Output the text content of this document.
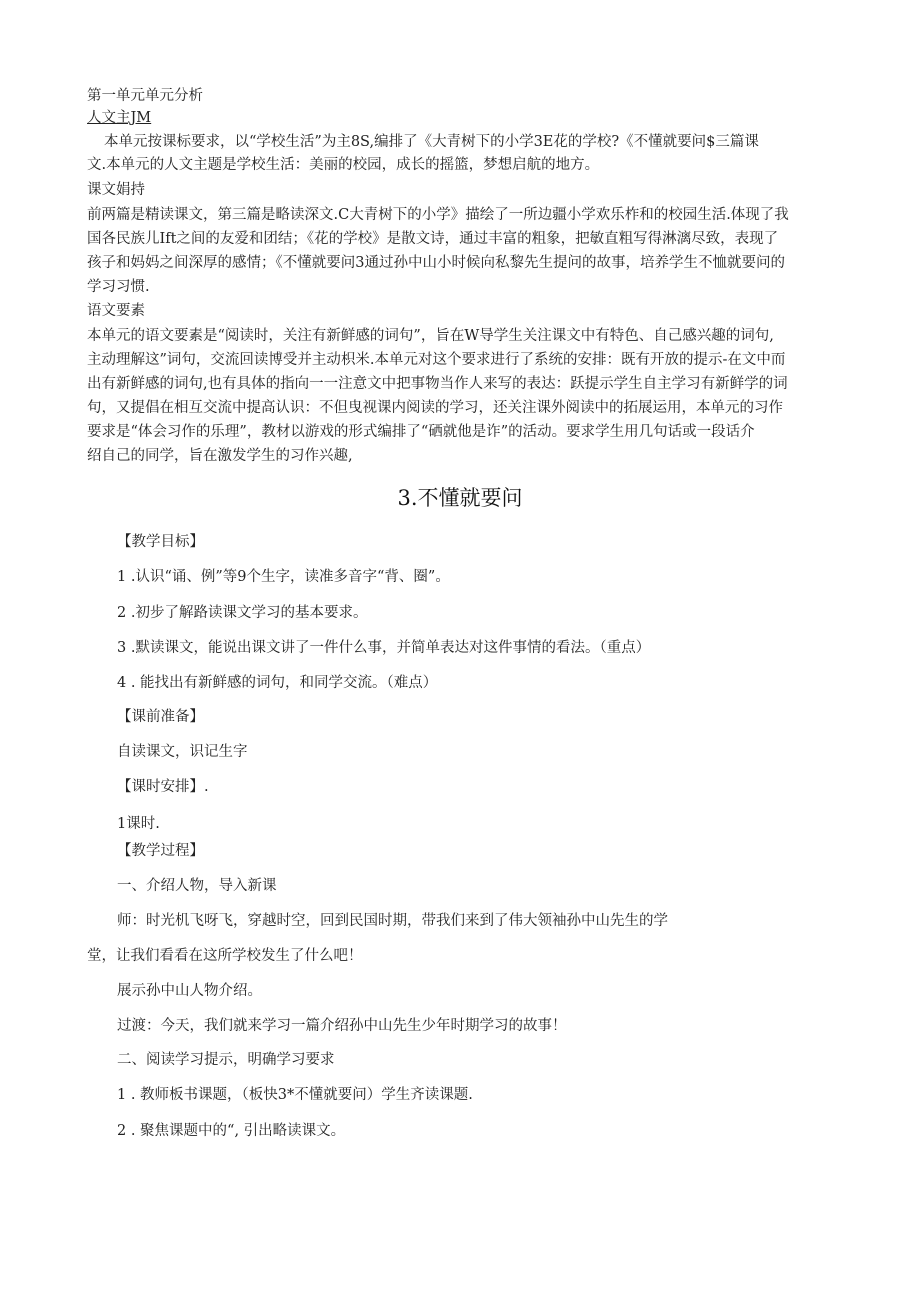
第一单元单元分析
人文主JM
本单元按课标要求，以“学校生活”为主8S,编排了《大青树下的小学3E花的学校?《不懂就要问$三篇课
文.本单元的人文主题是学校生活：美丽的校园，成长的摇篮，梦想启航的地方。
课文娟持
前两篇是精读课文，第三篇是略读深文.C大青树下的小学》描绘了一所边疆小学欢乐柞和的校园生活.体现了我
国各民族儿Ift之间的友爱和团结；《花的学校》是散文诗，通过丰富的粗象，把敏直粗写得淋漓尽致，表现了
孩子和妈妈之间深厚的感情；《不懂就要问3通过孙中山小时候向私黎先生提问的故事，培养学生不恤就要问的
学习习惯.
语文要素
本单元的语文要素是“阅读时，关注有新鲜感的词句”，旨在W导学生关注课文中有特色、自己感兴趣的词句,
主动理解这”词句，交流回读博受并主动枳米.本单元对这个要求进行了系统的安排：既有开放的提示-在文中而
出有新鲜感的词句,也有具体的指向一一注意文中把事物当作人来写的表达：跃提示学生自主学习有新鲜学的词
句，又提倡在相互交流中提高认识：不但曳视课内阅读的学习，还关注课外阅读中的拓展运用，本单元的习作
要求是“体会习作的乐理”，教材以游戏的形式编排了“硒就他是诈”的活动。要求学生用几句话或一段话介
绍自己的同学，旨在激发学生的习作兴趣,
3.不懂就要问
【教学目标】
1 .认识“诵、例”等9个生字，读准多音字“背、圈”。
2 .初步了解路读课文学习的基本要求。
3 .默读课文，能说出课文讲了一件什么事，并简单表达对这件事情的看法。（重点）
4 . 能找出有新鲜感的词句，和同学交流。（难点）
【课前准备】
自读课文，识记生字
【课时安排】.
1课时.
【教学过程】
一、介绍人物，导入新课
师：时光机飞呀飞，穿越时空，回到民国时期，带我们来到了伟大领袖孙中山先生的学
堂，让我们看看在这所学校发生了什么吧！
展示孙中山人物介绍。
过渡：今天，我们就来学习一篇介绍孙中山先生少年时期学习的故事！
二、阅读学习提示，明确学习要求
1 . 教师板书课题，（板快3*不懂就要问）学生齐读课题.
2 . 聚焦课题中的“, 引出略读课文。
